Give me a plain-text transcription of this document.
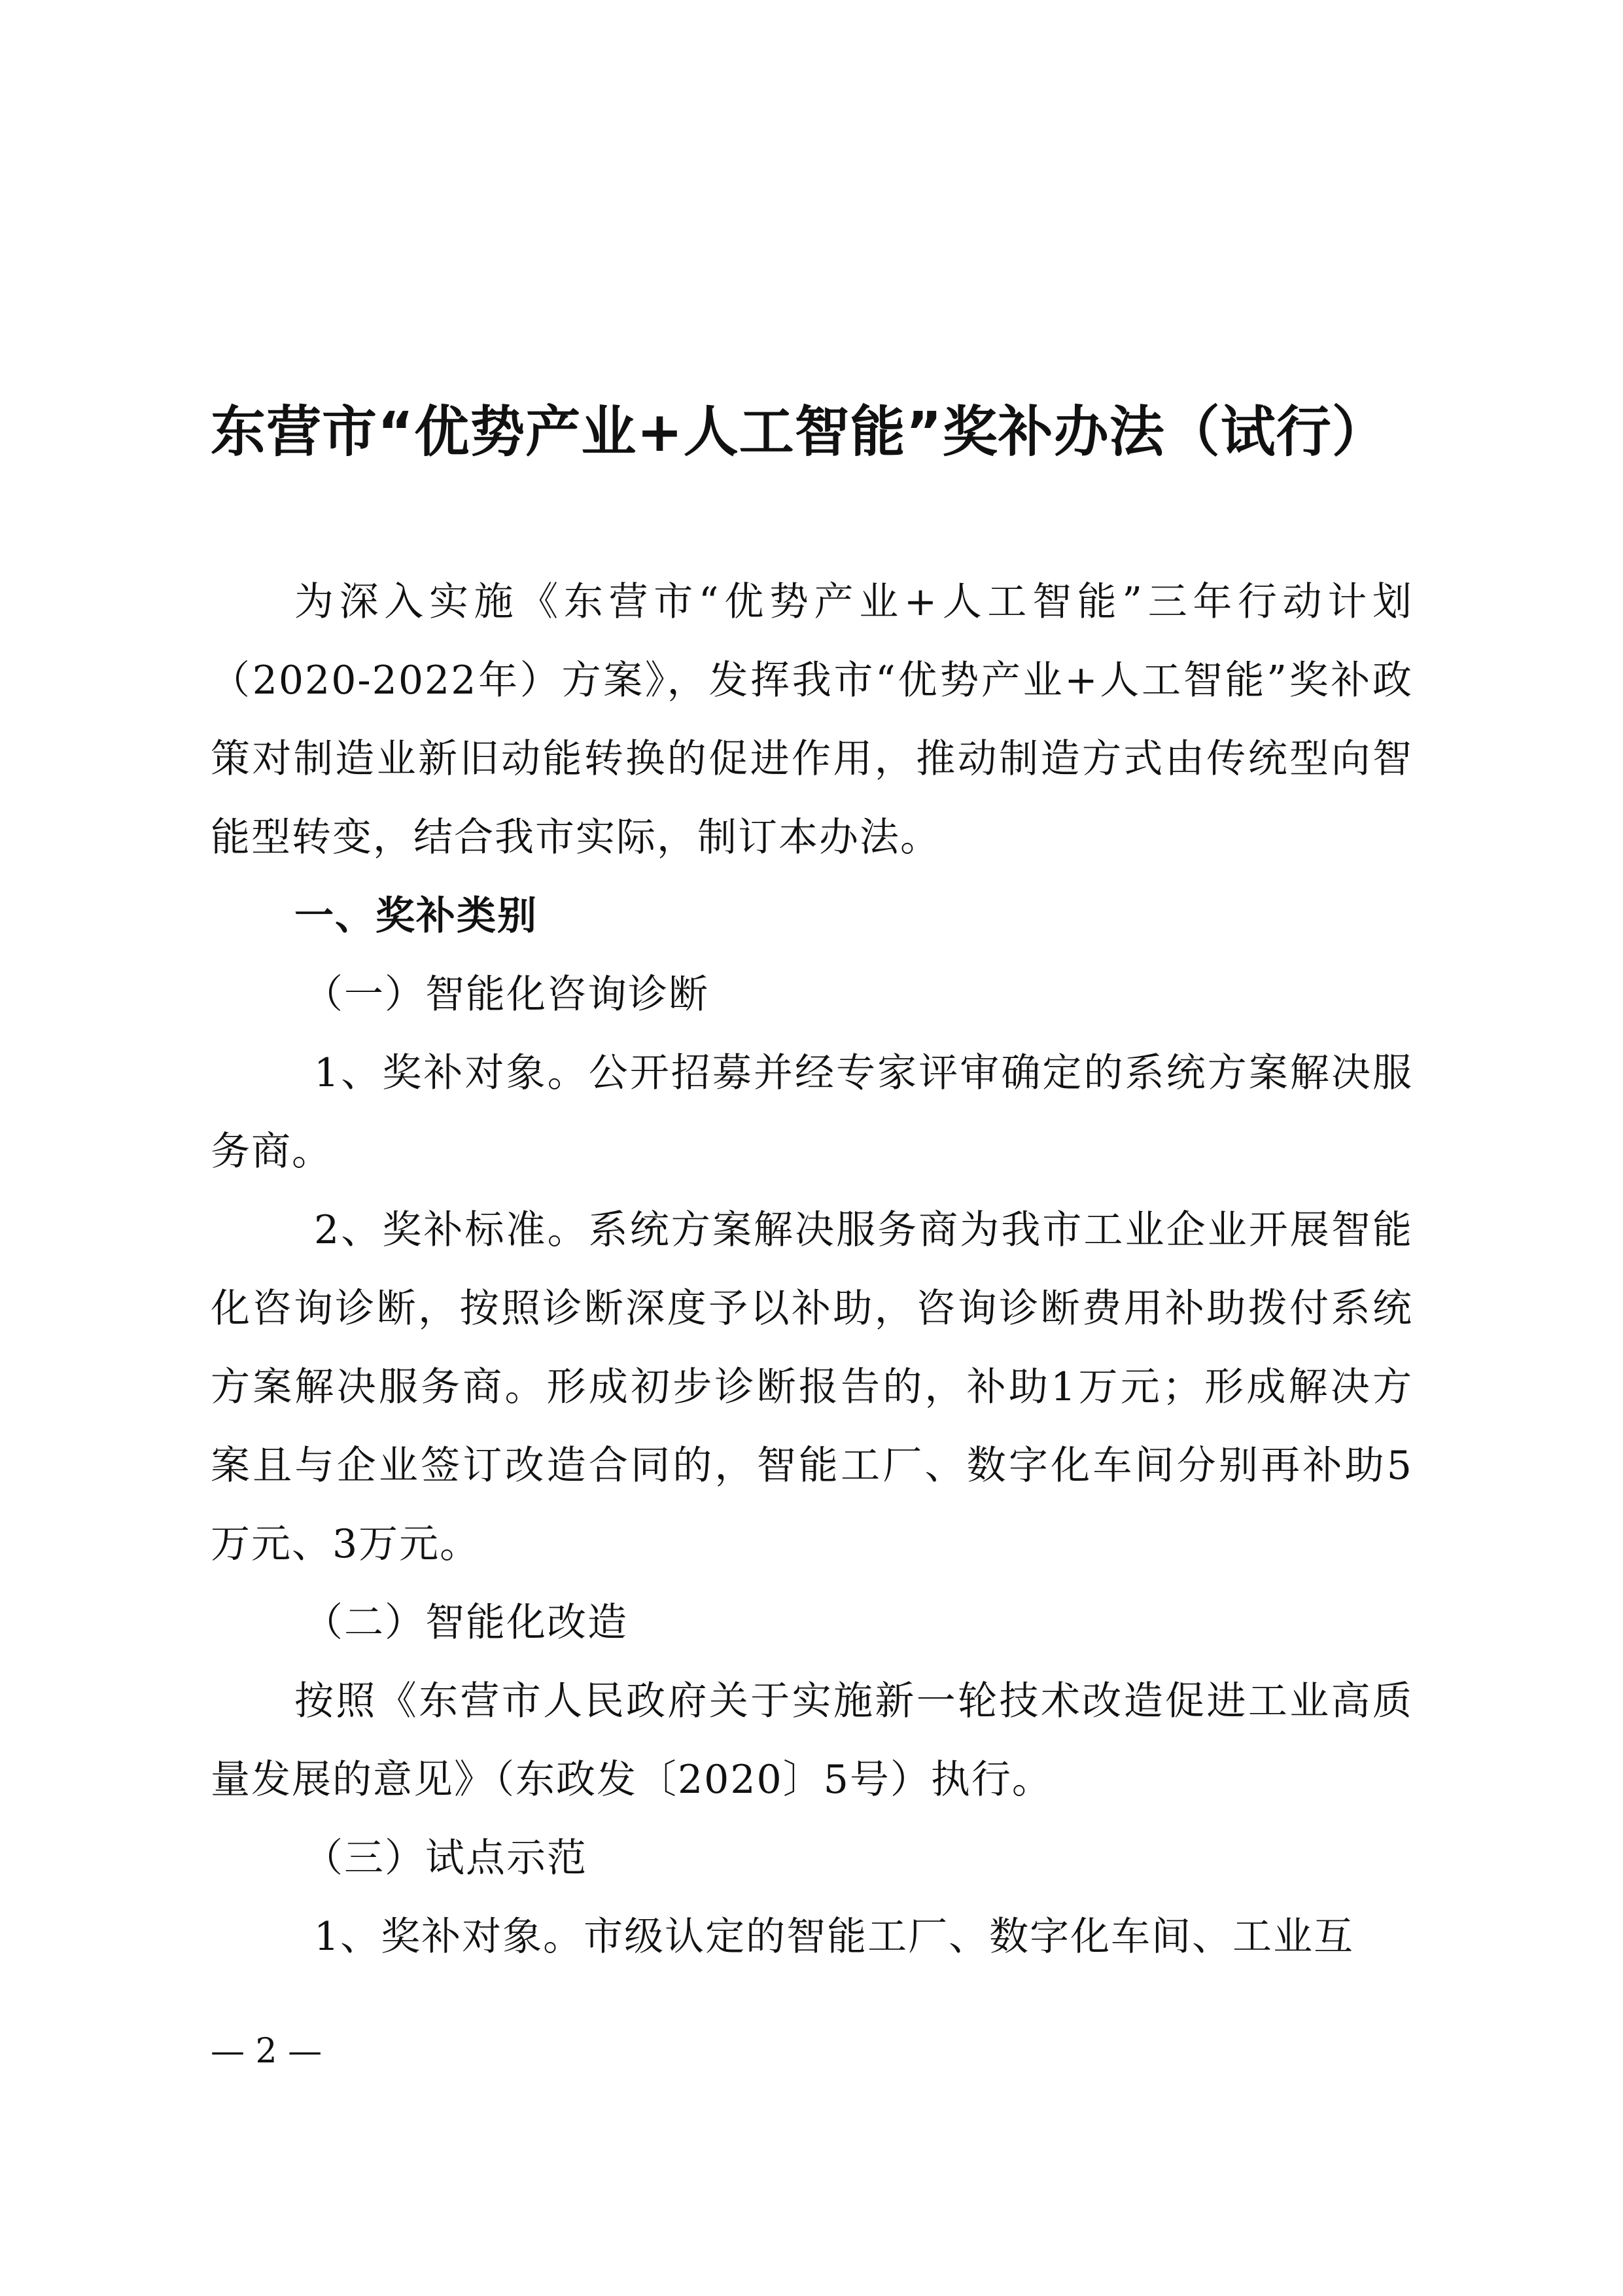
东营市“优势产业+人工智能”奖补办法（试行）

为深入实施《东营市“优势产业+人工智能”三年行动计划（2020-2022年）方案》，发挥我市“优势产业+人工智能”奖补政策对制造业新旧动能转换的促进作用，推动制造方式由传统型向智能型转变，结合我市实际，制订本办法。

一、奖补类别

（一）智能化咨询诊断

1、奖补对象。公开招募并经专家评审确定的系统方案解决服务商。

2、奖补标准。系统方案解决服务商为我市工业企业开展智能化咨询诊断，按照诊断深度予以补助，咨询诊断费用补助拨付系统方案解决服务商。形成初步诊断报告的，补助1万元；形成解决方案且与企业签订改造合同的，智能工厂、数字化车间分别再补助5万元、3万元。

（二）智能化改造

按照《东营市人民政府关于实施新一轮技术改造促进工业高质量发展的意见》（东政发〔2020〕5号）执行。

（三）试点示范

1、奖补对象。市级认定的智能工厂、数字化车间、工业互

— 2 —
